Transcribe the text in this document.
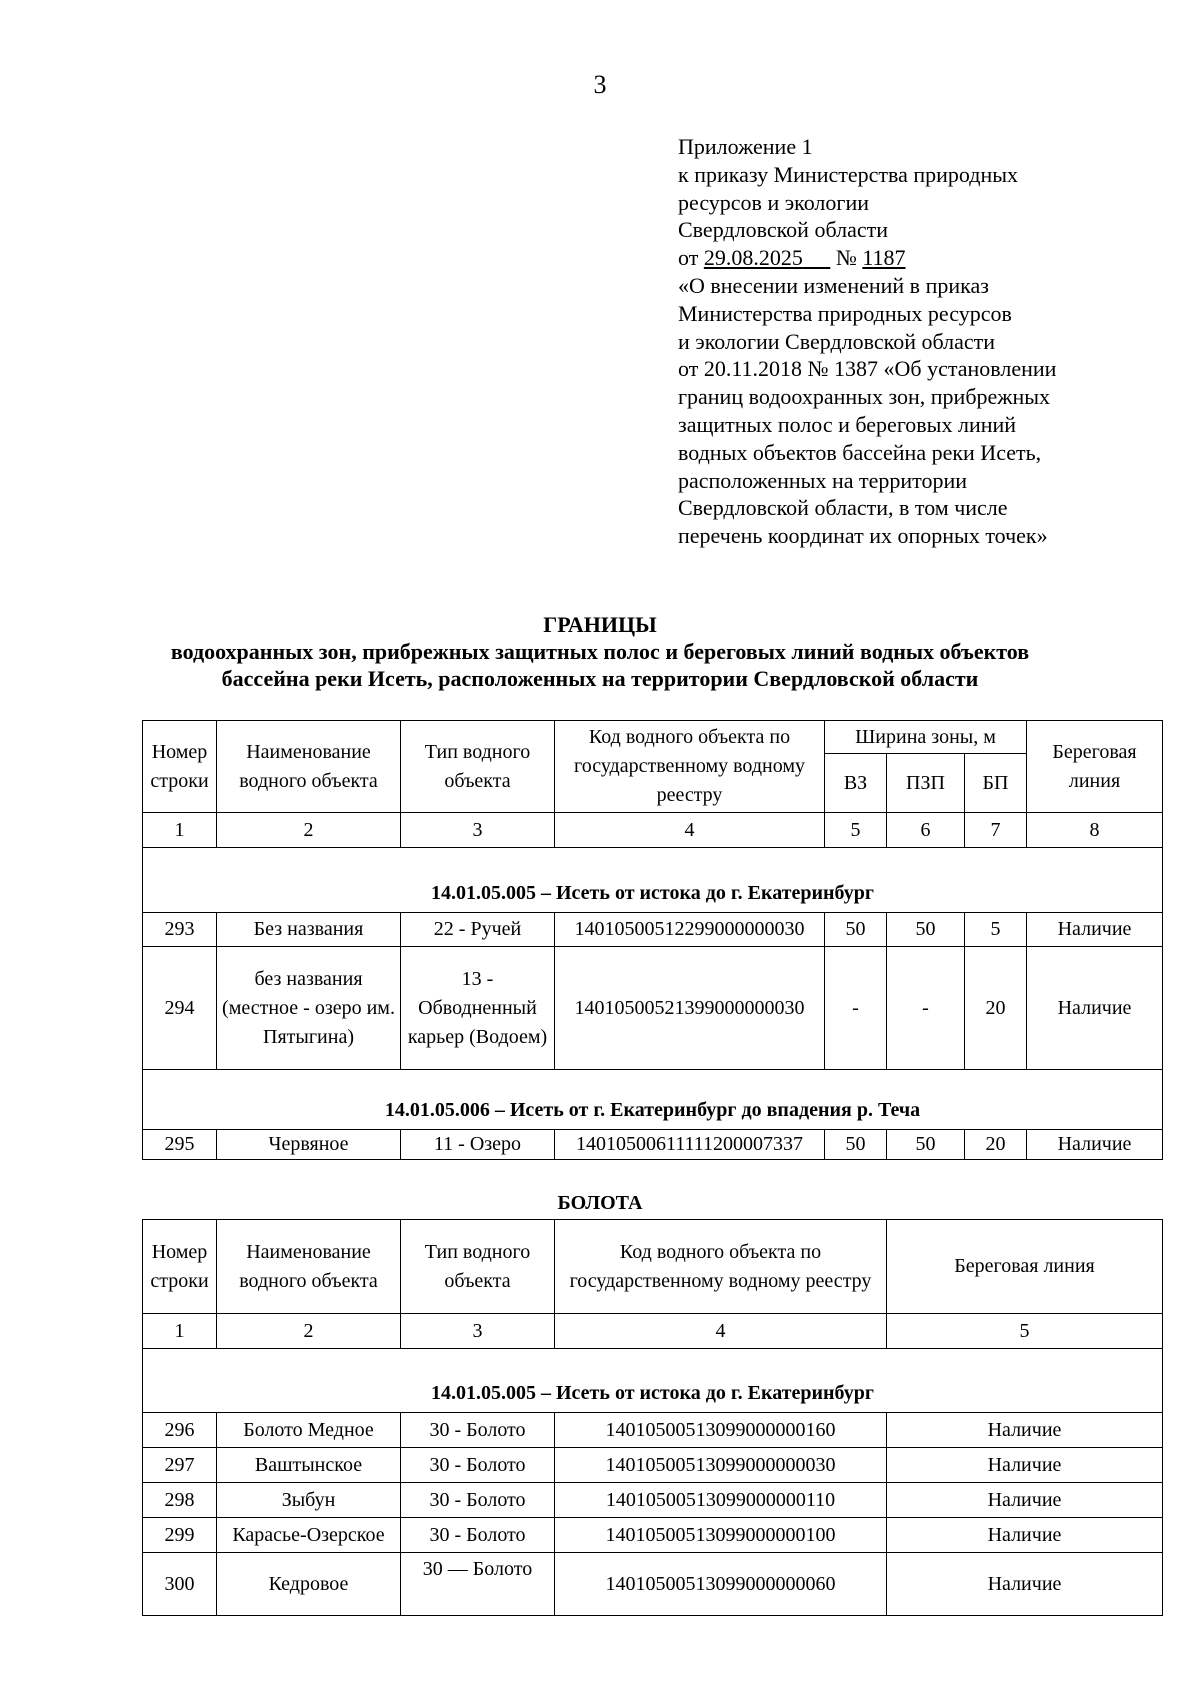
3
Приложение 1
к приказу Министерства природных
ресурсов и экологии
Свердловской области
от 29.08.2025 № 1187
«О внесении изменений в приказ
Министерства природных ресурсов
и экологии Свердловской области
от 20.11.2018 № 1387 «Об установлении
границ водоохранных зон, прибрежных
защитных полос и береговых линий
водных объектов бассейна реки Исеть,
расположенных на территории
Свердловской области, в том числе
перечень координат их опорных точек»
ГРАНИЦЫ
водоохранных зон, прибрежных защитных полос и береговых линий водных объектов
бассейна реки Исеть, расположенных на территории Свердловской области
Номер строки	Наименование водного объекта	Тип водного объекта	Код водного объекта по государственному водному реестру	Ширина зоны, м			Береговая линия
				ВЗ	ПЗП	БП	
1	2	3	4	5	6	7	8
14.01.05.005 – Исеть от истока до г. Екатеринбург							
293	Без названия	22 - Ручей	14010500512299000000030	50	50	5	Наличие
294	без названия (местное - озеро им. Пятыгина)	13 - Обводненный карьер (Водоем)	14010500521399000000030	-	-	20	Наличие
14.01.05.006 – Исеть от г. Екатеринбург до впадения р. Теча							
295	Червяное	11 - Озеро	14010500611111200007337	50	50	20	Наличие
БОЛОТА
Номер строки	Наименование водного объекта	Тип водного объекта	Код водного объекта по государственному водному реестру	Береговая линия
1	2	3	4	5
14.01.05.005 – Исеть от истока до г. Екатеринбург				
296	Болото Медное	30 - Болото	14010500513099000000160	Наличие
297	Ваштынское	30 - Болото	14010500513099000000030	Наличие
298	Зыбун	30 - Болото	14010500513099000000110	Наличие
299	Карасье-Озерское	30 - Болото	14010500513099000000100	Наличие
300	Кедровое	30 — Болото	14010500513099000000060	Наличие
